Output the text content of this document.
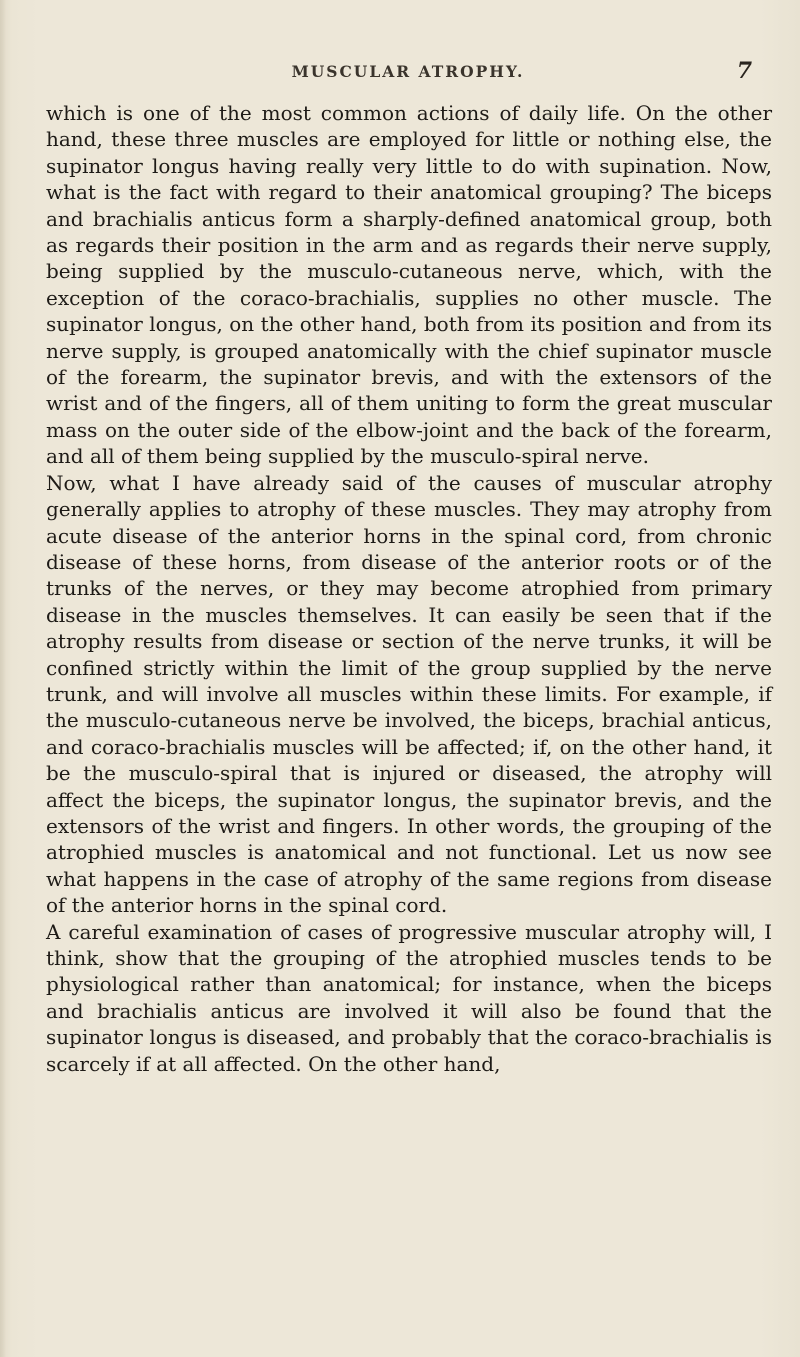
MUSCULAR ATROPHY.	7

which is one of the most common actions of daily life. On the other hand, these three muscles are employed for little or nothing else, the supinator longus having really very little to do with supination. Now, what is the fact with regard to their anatomical grouping? The biceps and brachialis anticus form a sharply-defined anatomical group, both as regards their position in the arm and as regards their nerve supply, being supplied by the musculo-cutaneous nerve, which, with the exception of the coraco-brachialis, supplies no other muscle. The supinator longus, on the other hand, both from its position and from its nerve supply, is grouped anatomically with the chief supinator muscle of the forearm, the supinator brevis, and with the extensors of the wrist and of the fingers, all of them uniting to form the great muscular mass on the outer side of the elbow-joint and the back of the forearm, and all of them being supplied by the musculo-spiral nerve.

Now, what I have already said of the causes of muscular atrophy generally applies to atrophy of these muscles. They may atrophy from acute disease of the anterior horns in the spinal cord, from chronic disease of these horns, from disease of the anterior roots or of the trunks of the nerves, or they may become atrophied from primary disease in the muscles themselves. It can easily be seen that if the atrophy results from disease or section of the nerve trunks, it will be confined strictly within the limit of the group supplied by the nerve trunk, and will involve all muscles within these limits. For example, if the musculo-cutaneous nerve be involved, the biceps, brachial anticus, and coraco-brachialis muscles will be affected; if, on the other hand, it be the musculo-spiral that is injured or diseased, the atrophy will affect the biceps, the supinator longus, the supinator brevis, and the extensors of the wrist and fingers. In other words, the grouping of the atrophied muscles is anatomical and not functional. Let us now see what happens in the case of atrophy of the same regions from disease of the anterior horns in the spinal cord.

A careful examination of cases of progressive muscular atrophy will, I think, show that the grouping of the atrophied muscles tends to be physiological rather than anatomical; for instance, when the biceps and brachialis anticus are involved it will also be found that the supinator longus is diseased, and probably that the coraco-brachialis is scarcely if at all affected. On the other hand,
